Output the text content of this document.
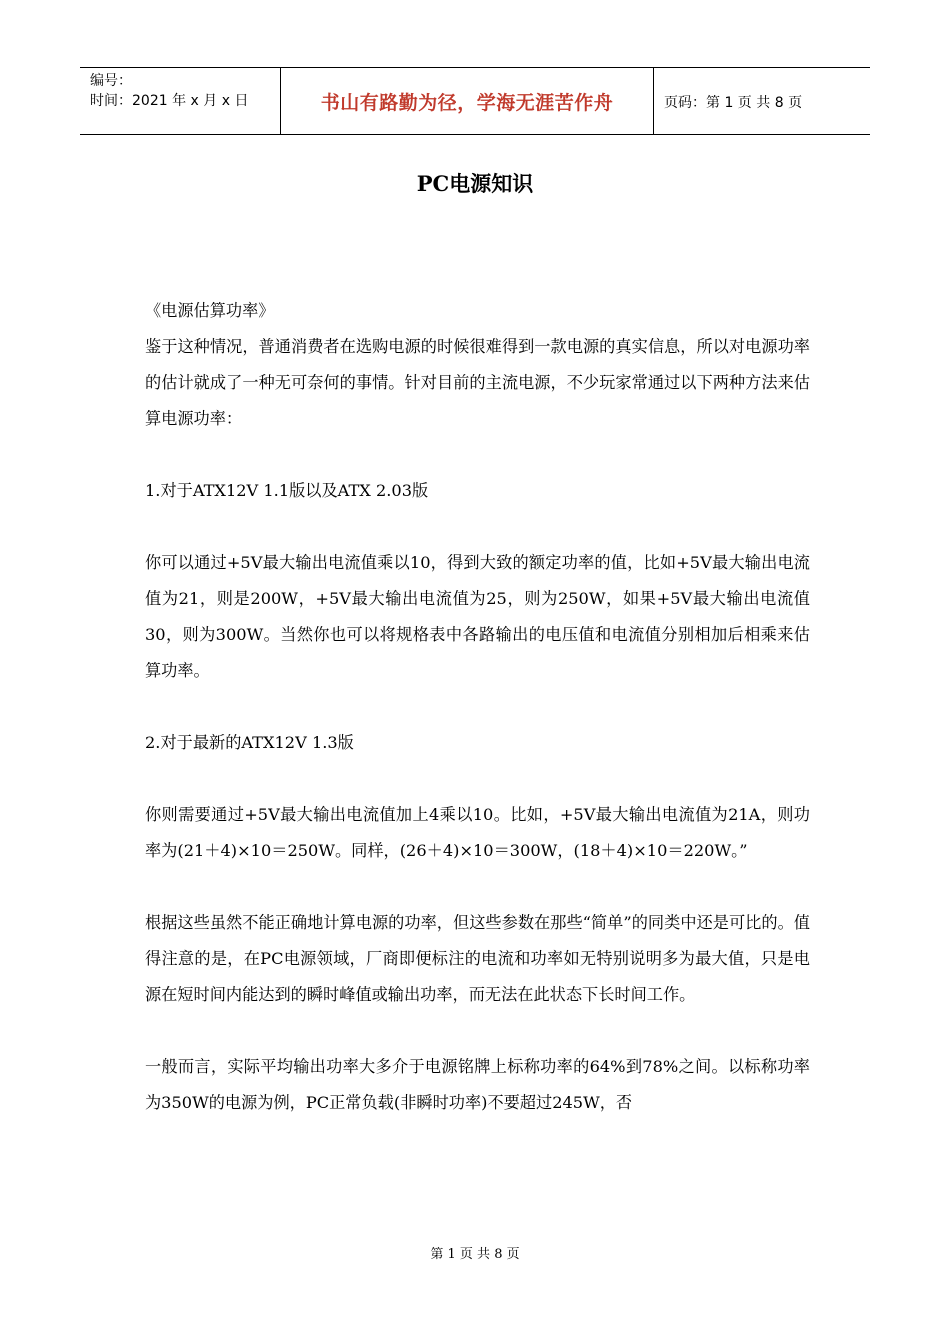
编号：
时间：2021 年 x 月 x 日	书山有路勤为径，学海无涯苦作舟	页码：第 1 页 共 8 页
PC电源知识

《电源估算功率》

鉴于这种情况，普通消费者在选购电源的时候很难得到一款电源的真实信息，所以对电源功率的估计就成了一种无可奈何的事情。针对目前的主流电源，不少玩家常通过以下两种方法来估算电源功率：

1.对于ATX12V 1.1版以及ATX 2.03版

你可以通过+5V最大输出电流值乘以10，得到大致的额定功率的值，比如+5V最大输出电流值为21，则是200W，+5V最大输出电流值为25，则为250W，如果+5V最大输出电流值30，则为300W。当然你也可以将规格表中各路输出的电压值和电流值分别相加后相乘来估算功率。

2.对于最新的ATX12V 1.3版

你则需要通过+5V最大输出电流值加上4乘以10。比如，+5V最大输出电流值为21A，则功率为(21＋4)×10＝250W。同样，(26＋4)×10＝300W，(18＋4)×10＝220W。”

根据这些虽然不能正确地计算电源的功率，但这些参数在那些“简单”的同类中还是可比的。值得注意的是，在PC电源领域，厂商即便标注的电流和功率如无特别说明多为最大值，只是电源在短时间内能达到的瞬时峰值或输出功率，而无法在此状态下长时间工作。

一般而言，实际平均输出功率大多介于电源铭牌上标称功率的64%到78%之间。以标称功率为350W的电源为例，PC正常负载(非瞬时功率)不要超过245W，否

第 1 页 共 8 页
